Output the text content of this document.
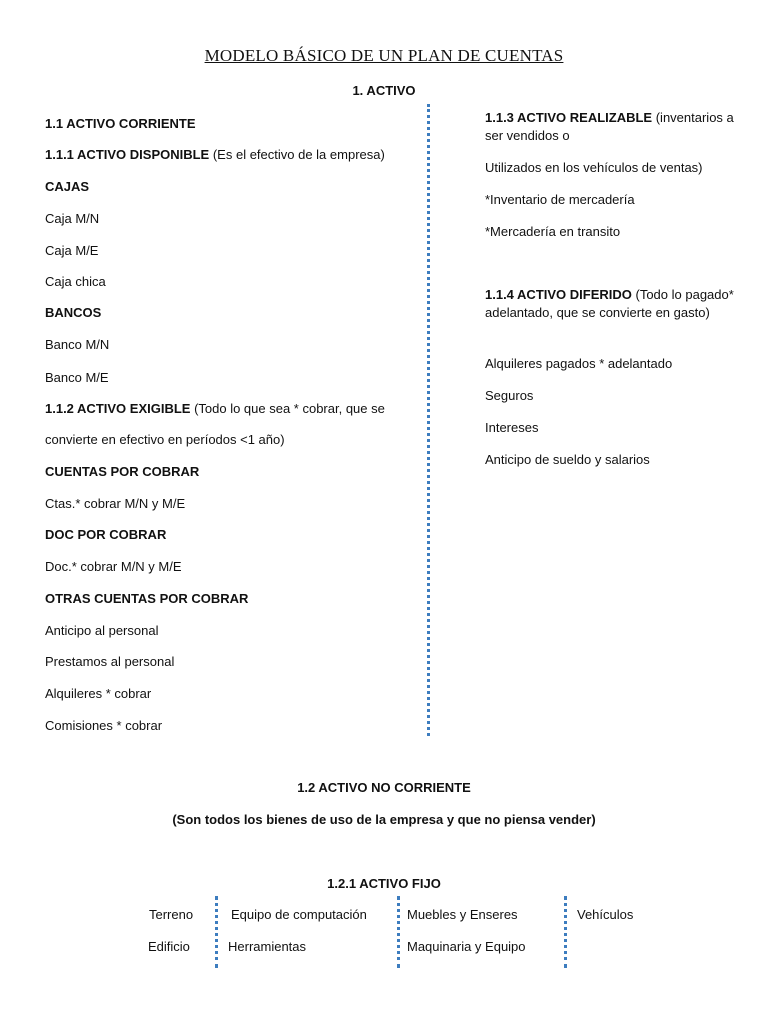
MODELO BÁSICO DE UN PLAN DE CUENTAS
1. ACTIVO
1.1 ACTIVO CORRIENTE
1.1.1 ACTIVO DISPONIBLE (Es el efectivo de la empresa)
CAJAS
Caja M/N
Caja M/E
Caja chica
BANCOS
Banco M/N
Banco M/E
1.1.2 ACTIVO EXIGIBLE (Todo lo que sea * cobrar, que se
convierte en efectivo en períodos <1 año)
CUENTAS POR COBRAR
Ctas.* cobrar M/N y M/E
DOC POR COBRAR
Doc.* cobrar M/N y M/E
OTRAS CUENTAS POR COBRAR
Anticipo al personal
Prestamos al personal
Alquileres * cobrar
Comisiones * cobrar
1.1.3 ACTIVO REALIZABLE (inventarios a ser vendidos o
Utilizados en los vehículos de ventas)
*Inventario de mercadería
*Mercadería en transito
1.1.4 ACTIVO DIFERIDO (Todo lo pagado* adelantado, que se convierte en gasto)
Alquileres pagados * adelantado
Seguros
Intereses
Anticipo de sueldo y salarios
1.2 ACTIVO NO CORRIENTE
(Son todos los bienes de uso de la empresa y que no piensa vender)
1.2.1 ACTIVO FIJO
Terreno
Edificio
Equipo de computación
Herramientas
Muebles y Enseres
Maquinaria y Equipo
Vehículos
